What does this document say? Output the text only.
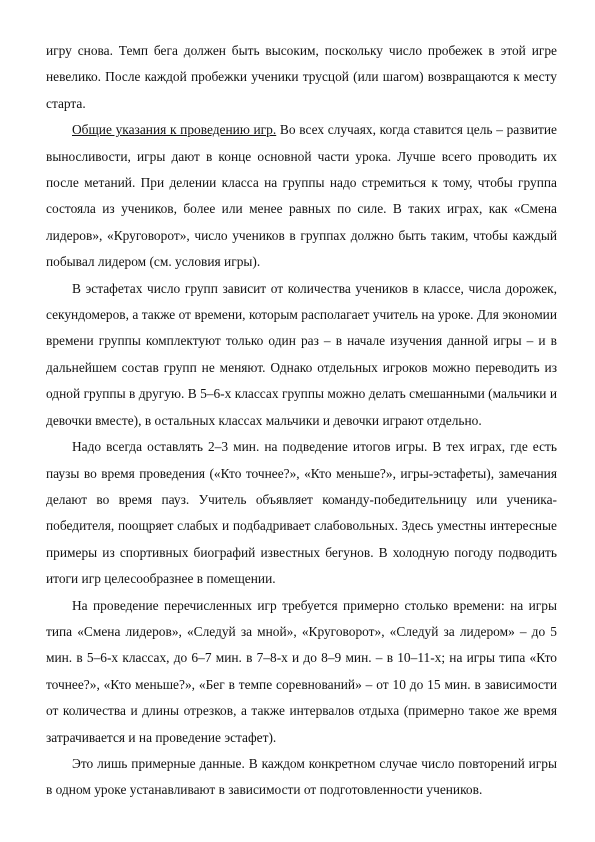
игру снова. Темп бега должен быть высоким, поскольку число пробежек в этой игре невелико. После каждой пробежки ученики трусцой (или шагом) возвращаются к месту старта.

Общие указания к проведению игр. Во всех случаях, когда ставится цель – развитие выносливости, игры дают в конце основной части урока. Лучше всего проводить их после метаний. При делении класса на группы надо стремиться к тому, чтобы группа состояла из учеников, более или менее равных по силе. В таких играх, как «Смена лидеров», «Круговорот», число учеников в группах должно быть таким, чтобы каждый побывал лидером (см. условия игры).

В эстафетах число групп зависит от количества учеников в классе, числа дорожек, секундомеров, а также от времени, которым располагает учитель на уроке. Для экономии времени группы комплектуют только один раз – в начале изучения данной игры – и в дальнейшем состав групп не меняют. Однако отдельных игроков можно переводить из одной группы в другую. В 5–6-х классах группы можно делать смешанными (мальчики и девочки вместе), в остальных классах мальчики и девочки играют отдельно.

Надо всегда оставлять 2–3 мин. на подведение итогов игры. В тех играх, где есть паузы во время проведения («Кто точнее?», «Кто меньше?», игры-эстафеты), замечания делают во время пауз. Учитель объявляет команду-победительницу или ученика-победителя, поощряет слабых и подбадривает слабовольных. Здесь уместны интересные примеры из спортивных биографий известных бегунов. В холодную погоду подводить итоги игр целесообразнее в помещении.

На проведение перечисленных игр требуется примерно столько времени: на игры типа «Смена лидеров», «Следуй за мной», «Круговорот», «Следуй за лидером» – до 5 мин. в 5–6-х классах, до 6–7 мин. в 7–8-х и до 8–9 мин. – в 10–11-х; на игры типа «Кто точнее?», «Кто меньше?», «Бег в темпе соревнований» – от 10 до 15 мин. в зависимости от количества и длины отрезков, а также интервалов отдыха (примерно такое же время затрачивается и на проведение эстафет).

Это лишь примерные данные. В каждом конкретном случае число повторений игры в одном уроке устанавливают в зависимости от подготовленности учеников.
